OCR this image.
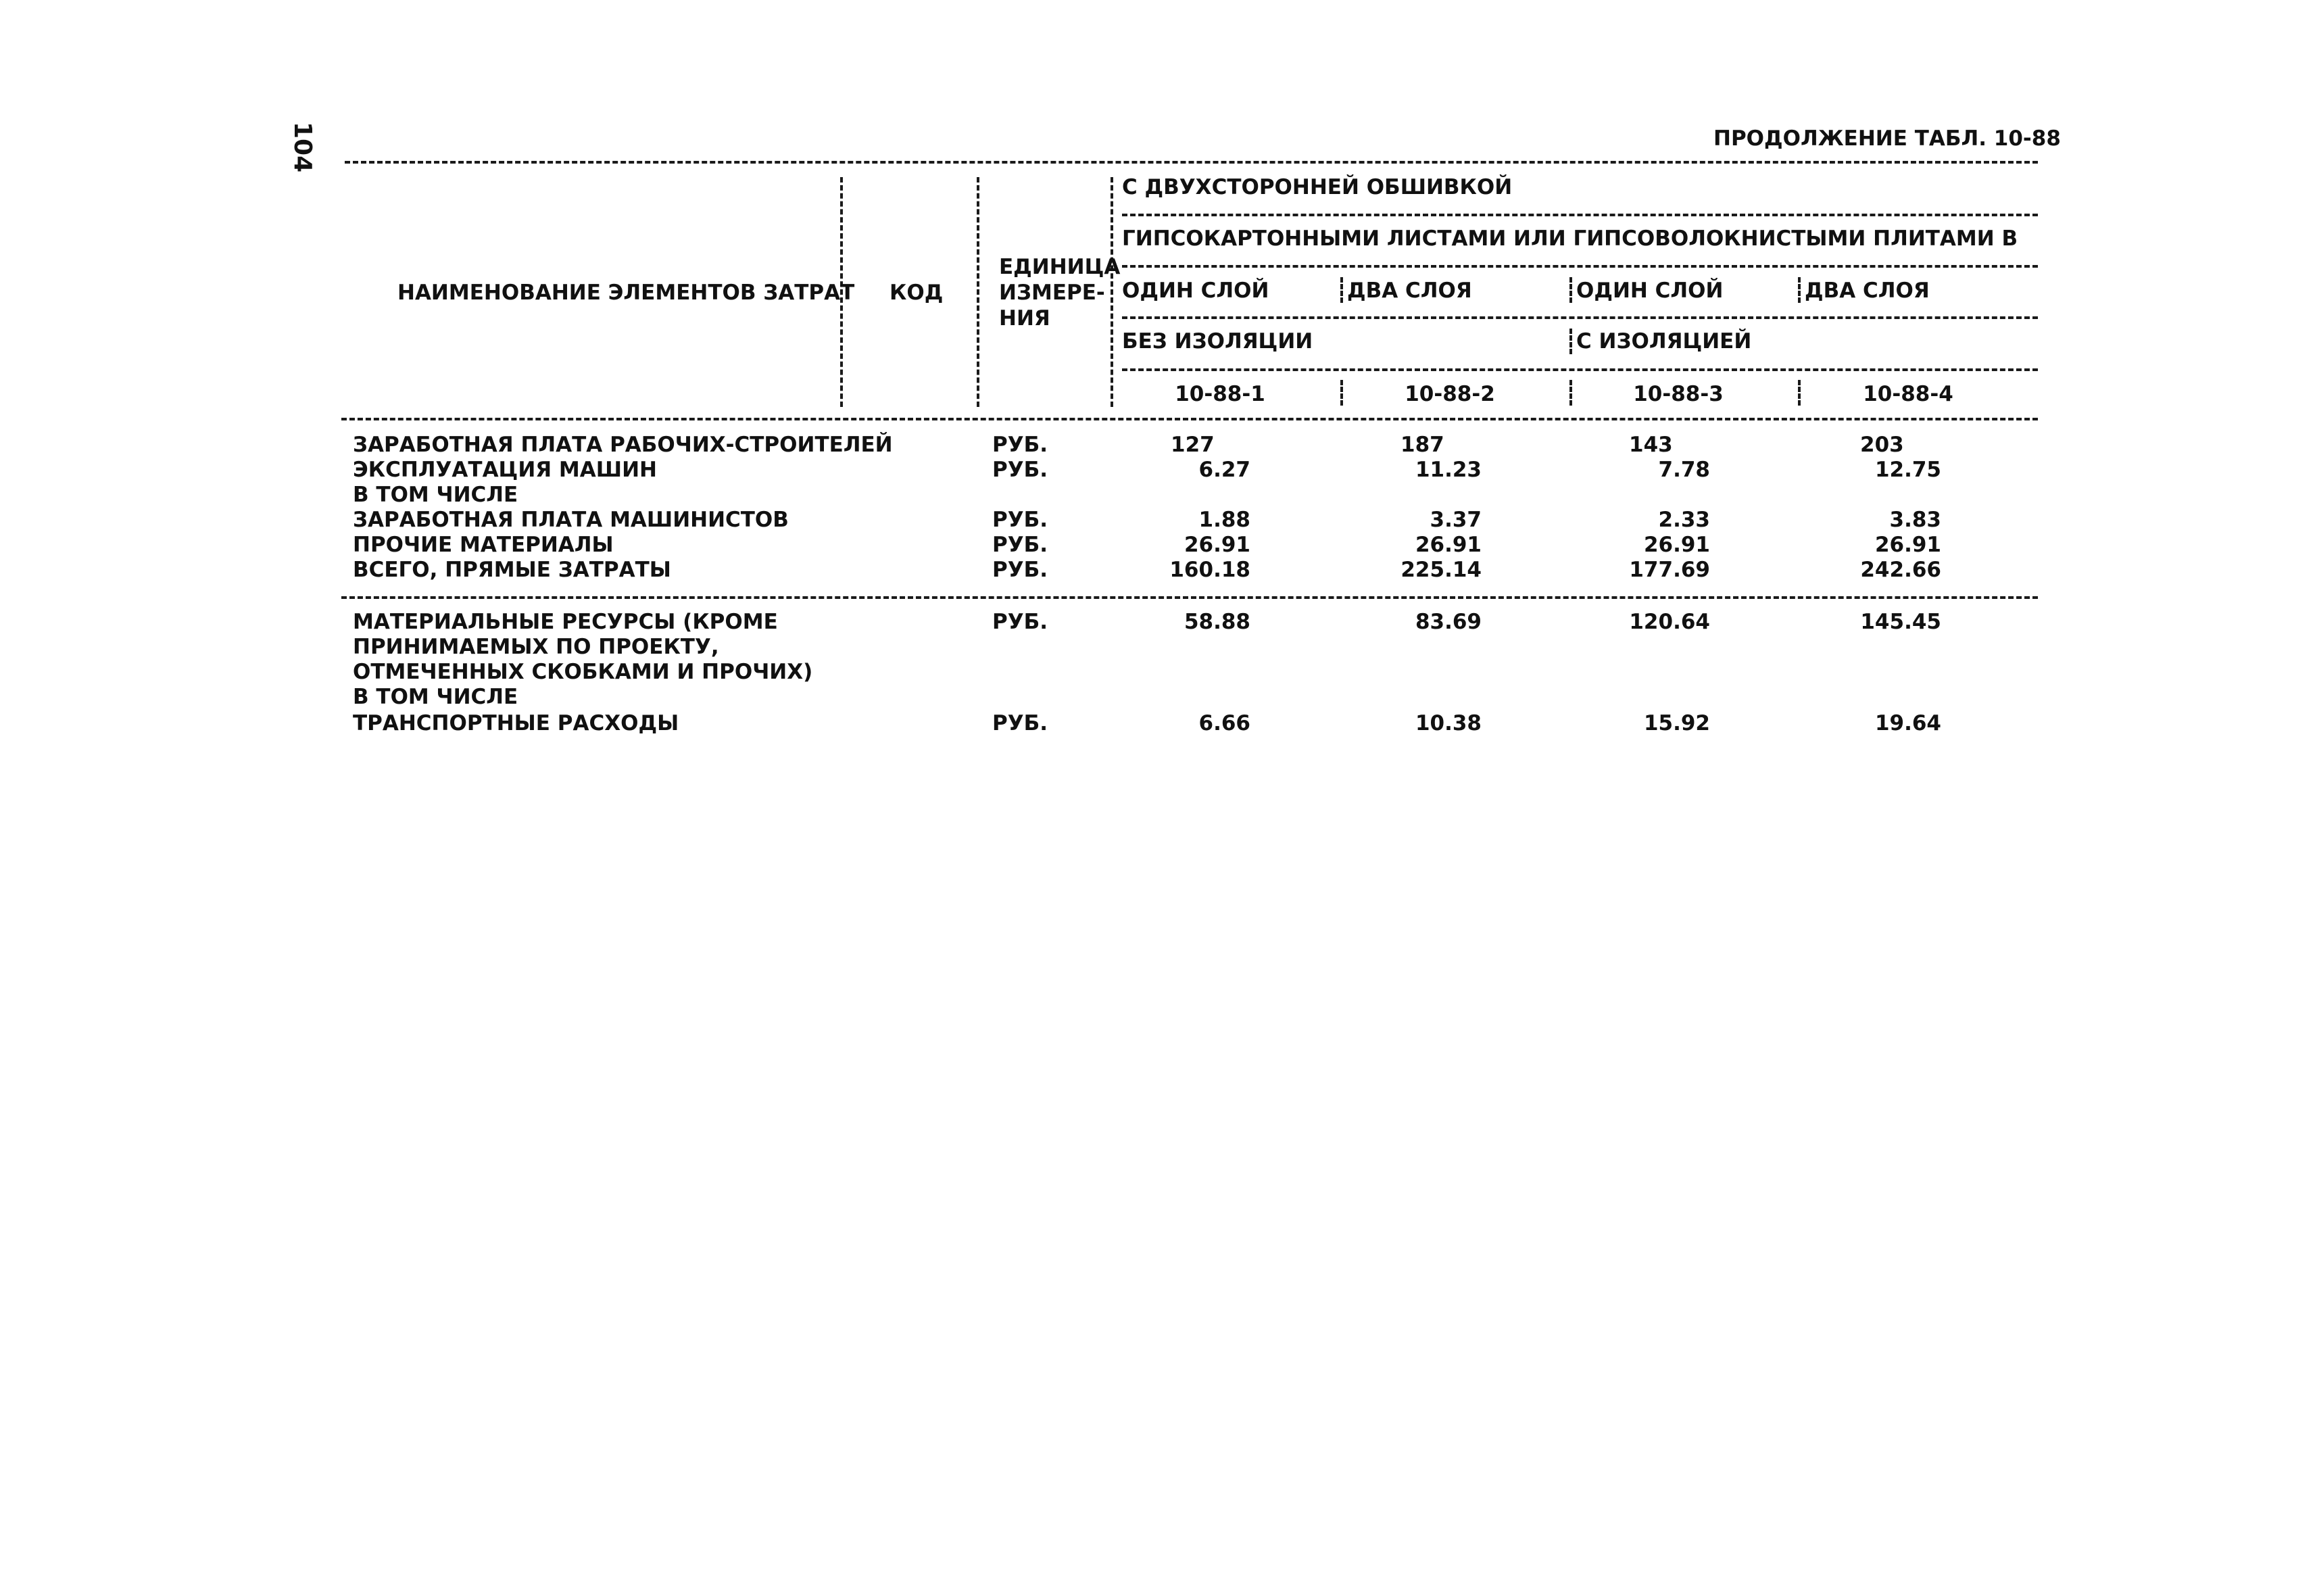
104	ПРОДОЛЖЕНИЕ ТАБЛ. 10-88
НАИМЕНОВАНИЕ ЭЛЕМЕНТОВ ЗАТРАТ КОД
ЕДИНИЦА
ИЗМЕРЕ-
НИЯ
С ДВУХСТОРОННЕЙ ОБШИВКОЙ
ГИПСОКАРТОННЫМИ ЛИСТАМИ ИЛИ ГИПСОВОЛОКНИСТЫМИ ПЛИТАМИ В
ОДИН СЛОЙ	ДВА СЛОЯ	ОДИН СЛОЙ	ДВА СЛОЯ
БЕЗ ИЗОЛЯЦИИ	С ИЗОЛЯЦИЕЙ
10-88-1	10-88-2	10-88-3	10-88-4
ЗАРАБОТНАЯ ПЛАТА РАБОЧИХ-СТРОИТЕЛЕЙ	РУБ.	127	187	143	203
ЭКСПЛУАТАЦИЯ МАШИН	РУБ.	6.27	11.23	7.78	12.75
В ТОМ ЧИСЛЕ
ЗАРАБОТНАЯ ПЛАТА МАШИНИСТОВ	РУБ.	1.88	3.37	2.33	3.83
ПРОЧИЕ МАТЕРИАЛЫ	РУБ.	26.91	26.91	26.91	26.91
ВСЕГО, ПРЯМЫЕ ЗАТРАТЫ	РУБ.	160.18	225.14	177.69	242.66
МАТЕРИАЛЬНЫЕ РЕСУРСЫ (КРОМЕ	РУБ.	58.88	83.69	120.64	145.45
ПРИНИМАЕМЫХ ПО ПРОЕКТУ,
ОТМЕЧЕННЫХ СКОБКАМИ И ПРОЧИХ)
В ТОМ ЧИСЛЕ
ТРАНСПОРТНЫЕ РАСХОДЫ	РУБ.	6.66	10.38	15.92	19.64
